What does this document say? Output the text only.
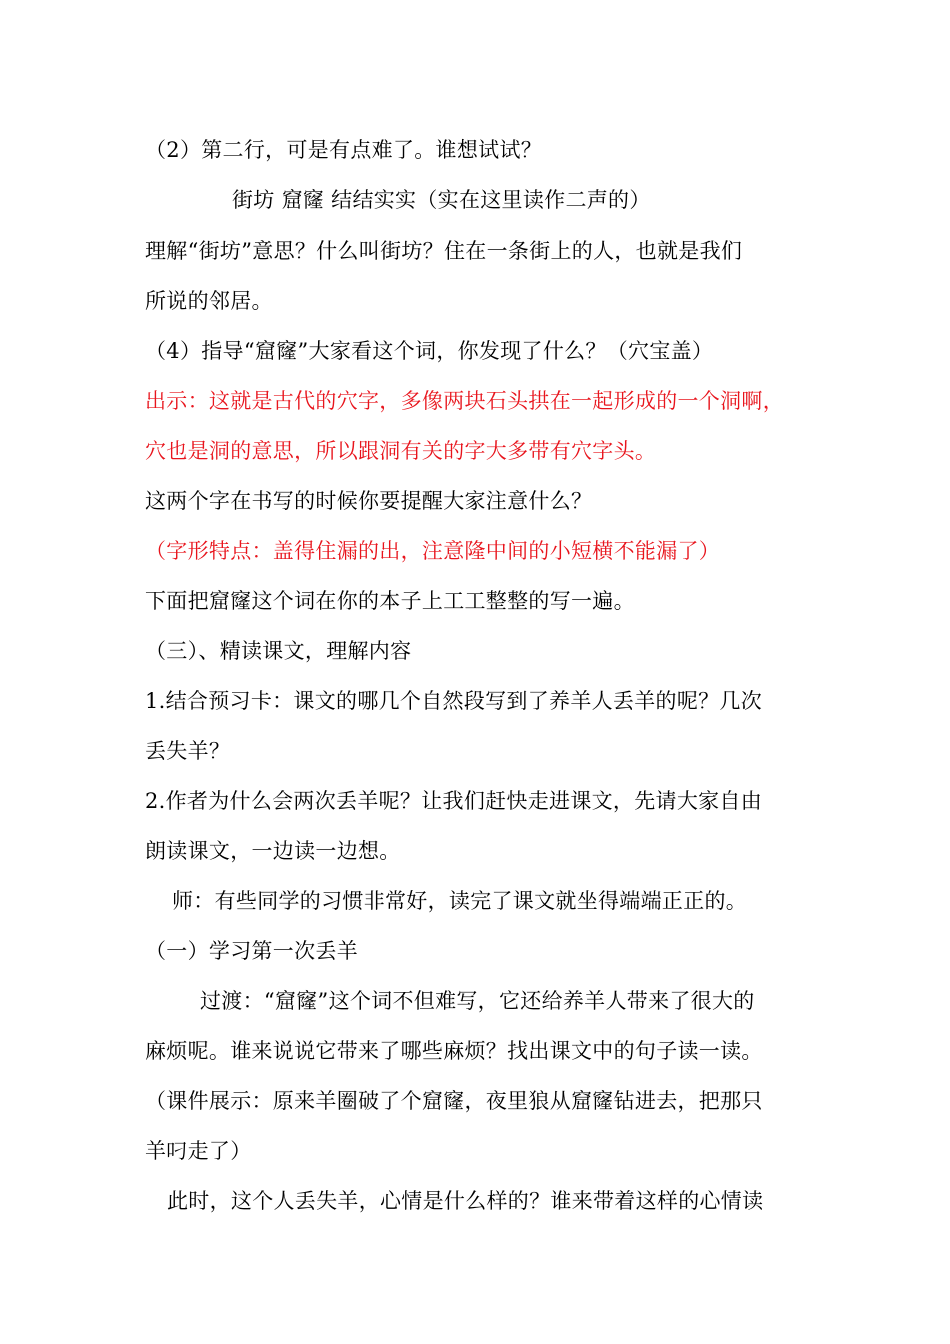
（2）第二行，可是有点难了。谁想试试？
街坊 窟窿 结结实实（实在这里读作二声的）
理解“街坊”意思？什么叫街坊？住在一条街上的人，也就是我们
所说的邻居。
（4）指导“窟窿”大家看这个词，你发现了什么？（穴宝盖）
出示：这就是古代的穴字，多像两块石头拱在一起形成的一个洞啊，
穴也是洞的意思，所以跟洞有关的字大多带有穴字头。
这两个字在书写的时候你要提醒大家注意什么？
（字形特点：盖得住漏的出，注意隆中间的小短横不能漏了）
下面把窟窿这个词在你的本子上工工整整的写一遍。
（三）、精读课文，理解内容
1.结合预习卡：课文的哪几个自然段写到了养羊人丢羊的呢？几次
丢失羊？
2.作者为什么会两次丢羊呢？让我们赶快走进课文，先请大家自由
朗读课文，一边读一边想。
师：有些同学的习惯非常好，读完了课文就坐得端端正正的。
（一）学习第一次丢羊
过渡：“窟窿”这个词不但难写，它还给养羊人带来了很大的
麻烦呢。谁来说说它带来了哪些麻烦？找出课文中的句子读一读。
（课件展示：原来羊圈破了个窟窿，夜里狼从窟窿钻进去，把那只
羊叼走了）
此时，这个人丢失羊，心情是什么样的？谁来带着这样的心情读
